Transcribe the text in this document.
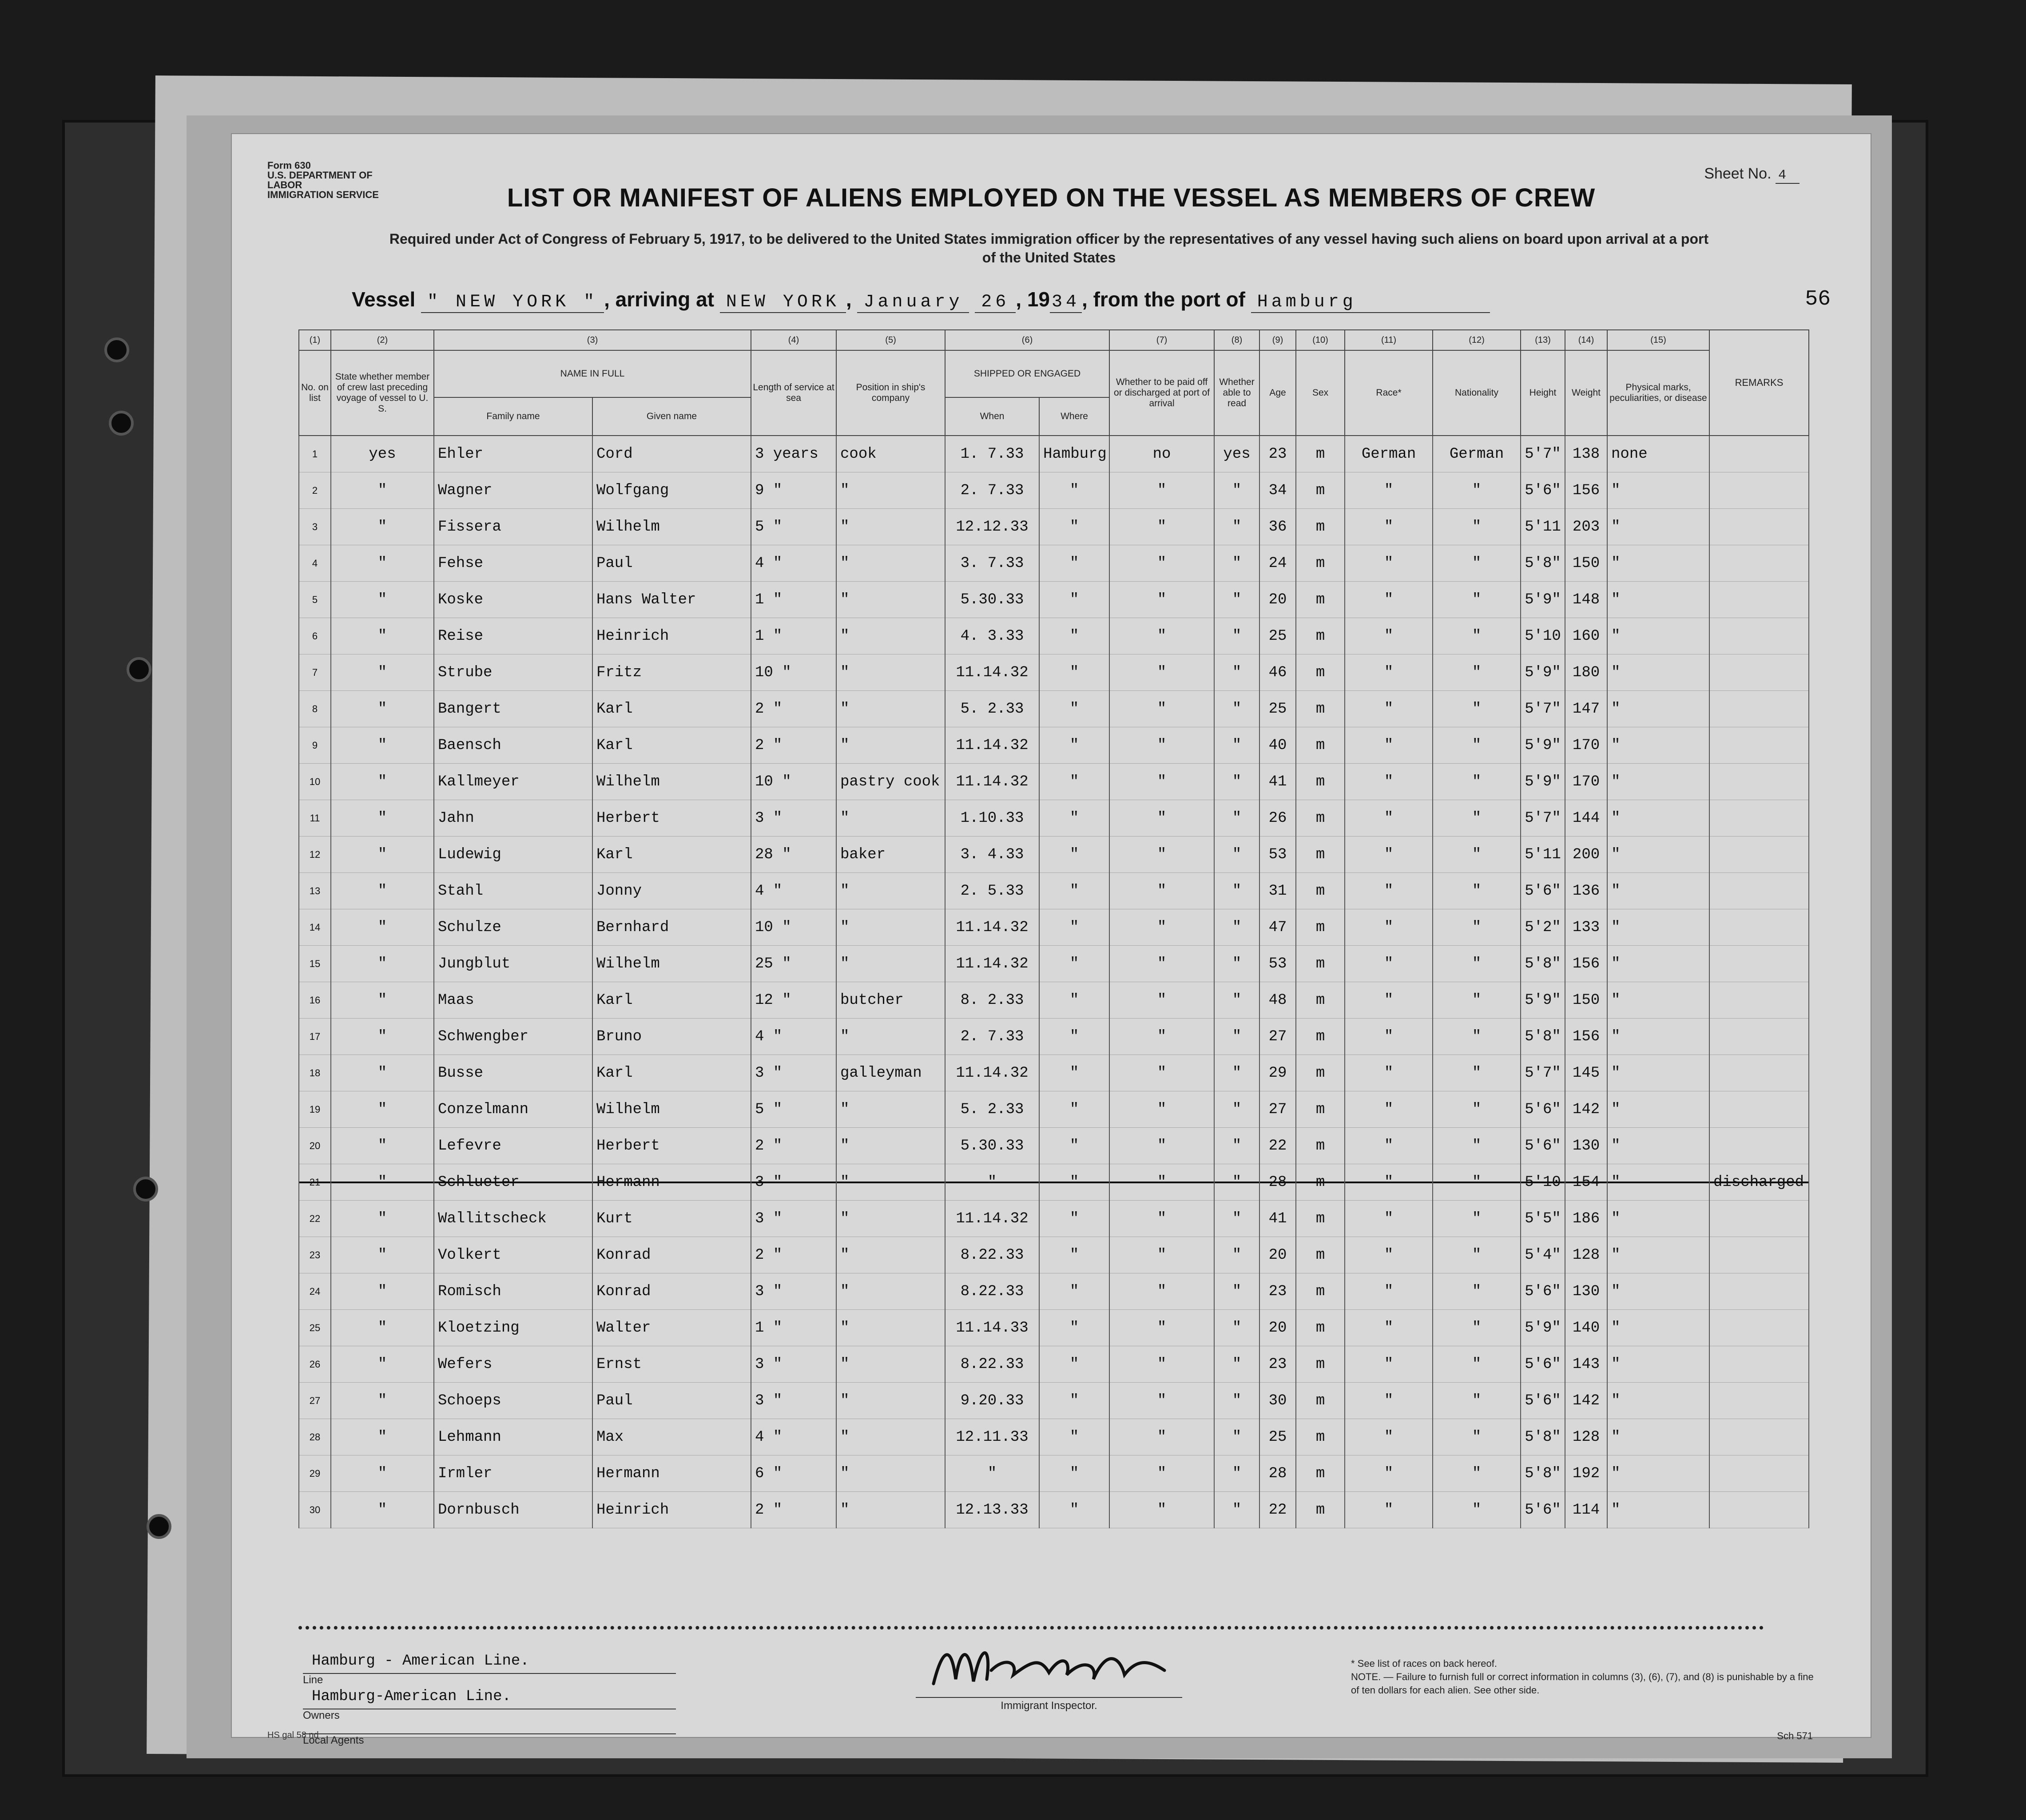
Form 630
U.S. DEPARTMENT OF LABOR
IMMIGRATION SERVICE
Sheet No. 4
LIST OR MANIFEST OF ALIENS EMPLOYED ON THE VESSEL AS MEMBERS OF CREW
Required under Act of Congress of February 5, 1917, to be delivered to the United States immigration officer by the representatives of any vessel having such aliens on board upon arrival at a port of the United States
Vessel " NEW YORK " , arriving at NEW YORK , January 26 , 19 34, from the port of Hamburg	56
(1)	(2)	(3)		(4)	(5)	(6)		(7)	(8)	(9)	(10)	(11)	(12)	(13)	(14)	(15)	REMARKS
No. on list	State whether member of crew last preceding voyage of vessel to U. S.	NAME IN FULL		Length of service at sea	Position in ship's company	SHIPPED OR ENGAGED		Whether to be paid off or discharged at port of arrival	Whether able to read	Age	Sex	Race*	Nationality	Height	Weight	Physical marks, peculiarities, or disease	
		Family name	Given name			When	Where										
1	yes	Ehler	Cord	3 years	cook	1. 7.33	Hamburg	no	yes	23	m	German	German	5'7"	138	none	
2	"	Wagner	Wolfgang	9 "	"	2. 7.33	"	"	"	34	m	"	"	5'6"	156	"	
3	"	Fissera	Wilhelm	5 "	"	12.12.33	"	"	"	36	m	"	"	5'11	203	"	
4	"	Fehse	Paul	4 "	"	3. 7.33	"	"	"	24	m	"	"	5'8"	150	"	
5	"	Koske	Hans Walter	1 "	"	5.30.33	"	"	"	20	m	"	"	5'9"	148	"	
6	"	Reise	Heinrich	1 "	"	4. 3.33	"	"	"	25	m	"	"	5'10	160	"	
7	"	Strube	Fritz	10 "	"	11.14.32	"	"	"	46	m	"	"	5'9"	180	"	
8	"	Bangert	Karl	2 "	"	5. 2.33	"	"	"	25	m	"	"	5'7"	147	"	
9	"	Baensch	Karl	2 "	"	11.14.32	"	"	"	40	m	"	"	5'9"	170	"	
10	"	Kallmeyer	Wilhelm	10 "	pastry cook	11.14.32	"	"	"	41	m	"	"	5'9"	170	"	
11	"	Jahn	Herbert	3 "	"	1.10.33	"	"	"	26	m	"	"	5'7"	144	"	
12	"	Ludewig	Karl	28 "	baker	3. 4.33	"	"	"	53	m	"	"	5'11	200	"	
13	"	Stahl	Jonny	4 "	"	2. 5.33	"	"	"	31	m	"	"	5'6"	136	"	
14	"	Schulze	Bernhard	10 "	"	11.14.32	"	"	"	47	m	"	"	5'2"	133	"	
15	"	Jungblut	Wilhelm	25 "	"	11.14.32	"	"	"	53	m	"	"	5'8"	156	"	
16	"	Maas	Karl	12 "	butcher	8. 2.33	"	"	"	48	m	"	"	5'9"	150	"	
17	"	Schwengber	Bruno	4 "	"	2. 7.33	"	"	"	27	m	"	"	5'8"	156	"	
18	"	Busse	Karl	3 "	galleyman	11.14.32	"	"	"	29	m	"	"	5'7"	145	"	
19	"	Conzelmann	Wilhelm	5 "	"	5. 2.33	"	"	"	27	m	"	"	5'6"	142	"	
20	"	Lefevre	Herbert	2 "	"	5.30.33	"	"	"	22	m	"	"	5'6"	130	"	
21	"	Schlueter	Hermann	3 "	"	"	"	"	"	28	m	"	"	5'10	154	"	discharged
22	"	Wallitscheck	Kurt	3 "	"	11.14.32	"	"	"	41	m	"	"	5'5"	186	"	
23	"	Volkert	Konrad	2 "	"	8.22.33	"	"	"	20	m	"	"	5'4"	128	"	
24	"	Romisch	Konrad	3 "	"	8.22.33	"	"	"	23	m	"	"	5'6"	130	"	
25	"	Kloetzing	Walter	1 "	"	11.14.33	"	"	"	20	m	"	"	5'9"	140	"	
26	"	Wefers	Ernst	3 "	"	8.22.33	"	"	"	23	m	"	"	5'6"	143	"	
27	"	Schoeps	Paul	3 "	"	9.20.33	"	"	"	30	m	"	"	5'6"	142	"	
28	"	Lehmann	Max	4 "	"	12.11.33	"	"	"	25	m	"	"	5'8"	128	"	
29	"	Irmler	Hermann	6 "	"	"	"	"	"	28	m	"	"	5'8"	192	"	
30	"	Dornbusch	Heinrich	2 "	"	12.13.33	"	"	"	22	m	"	"	5'6"	114	"	
Hamburg - American Line.
Line
Hamburg-American Line.
Owners
Local Agents
Immigrant Inspector.
* See list of races on back hereof.
NOTE. — Failure to furnish full or correct information in columns (3), (6), (7), and (8) is punishable by a fine of ten dollars for each alien. See other side.
Sch 571
HS gal 58 nd
